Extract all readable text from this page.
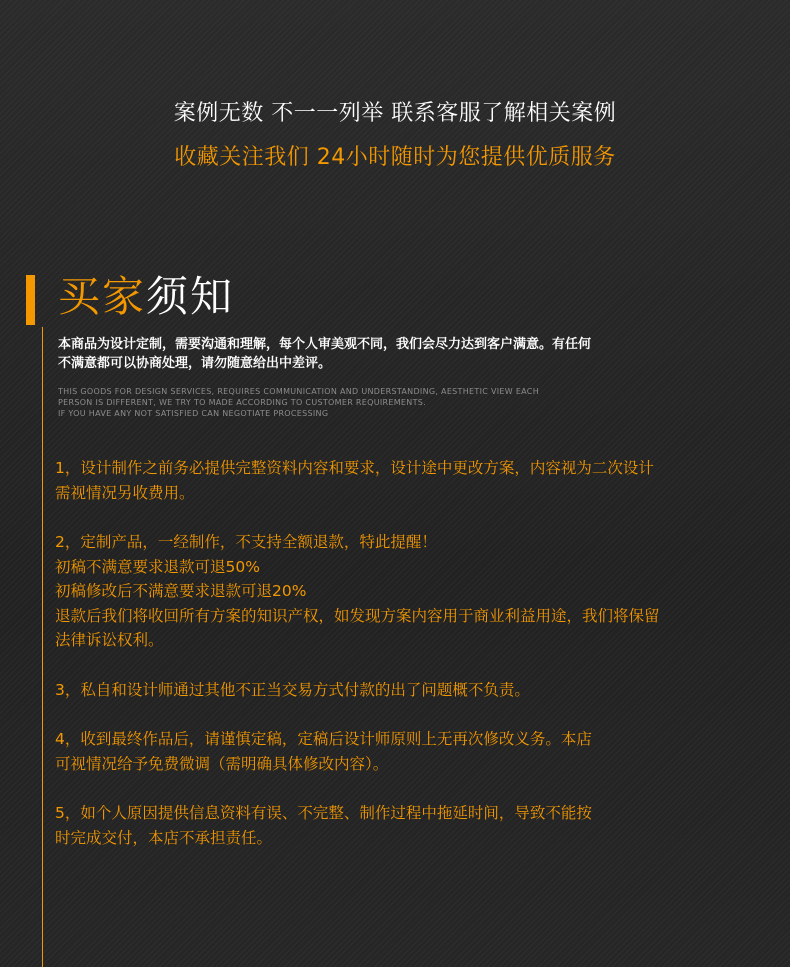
案例无数 不一一列举 联系客服了解相关案例
收藏关注我们 24小时随时为您提供优质服务
买家须知
本商品为设计定制，需要沟通和理解，每个人审美观不同，我们会尽力达到客户满意。有任何
不满意都可以协商处理，请勿随意给出中差评。
THIS GOODS FOR DESIGN SERVICES, REQUIRES COMMUNICATION AND UNDERSTANDING, AESTHETIC VIEW EACH
PERSON IS DIFFERENT, WE TRY TO MADE ACCORDING TO CUSTOMER REQUIREMENTS.
IF YOU HAVE ANY NOT SATISFIED CAN NEGOTIATE PROCESSING
1，设计制作之前务必提供完整资料内容和要求，设计途中更改方案，内容视为二次设计
需视情况另收费用。
2，定制产品，一经制作，不支持全额退款，特此提醒！
初稿不满意要求退款可退50%
初稿修改后不满意要求退款可退20%
退款后我们将收回所有方案的知识产权，如发现方案内容用于商业利益用途，我们将保留
法律诉讼权利。
3，私自和设计师通过其他不正当交易方式付款的出了问题概不负责。
4，收到最终作品后，请谨慎定稿，定稿后设计师原则上无再次修改义务。本店
可视情况给予免费微调（需明确具体修改内容）。
5，如个人原因提供信息资料有误、不完整、制作过程中拖延时间，导致不能按
时完成交付，本店不承担责任。
